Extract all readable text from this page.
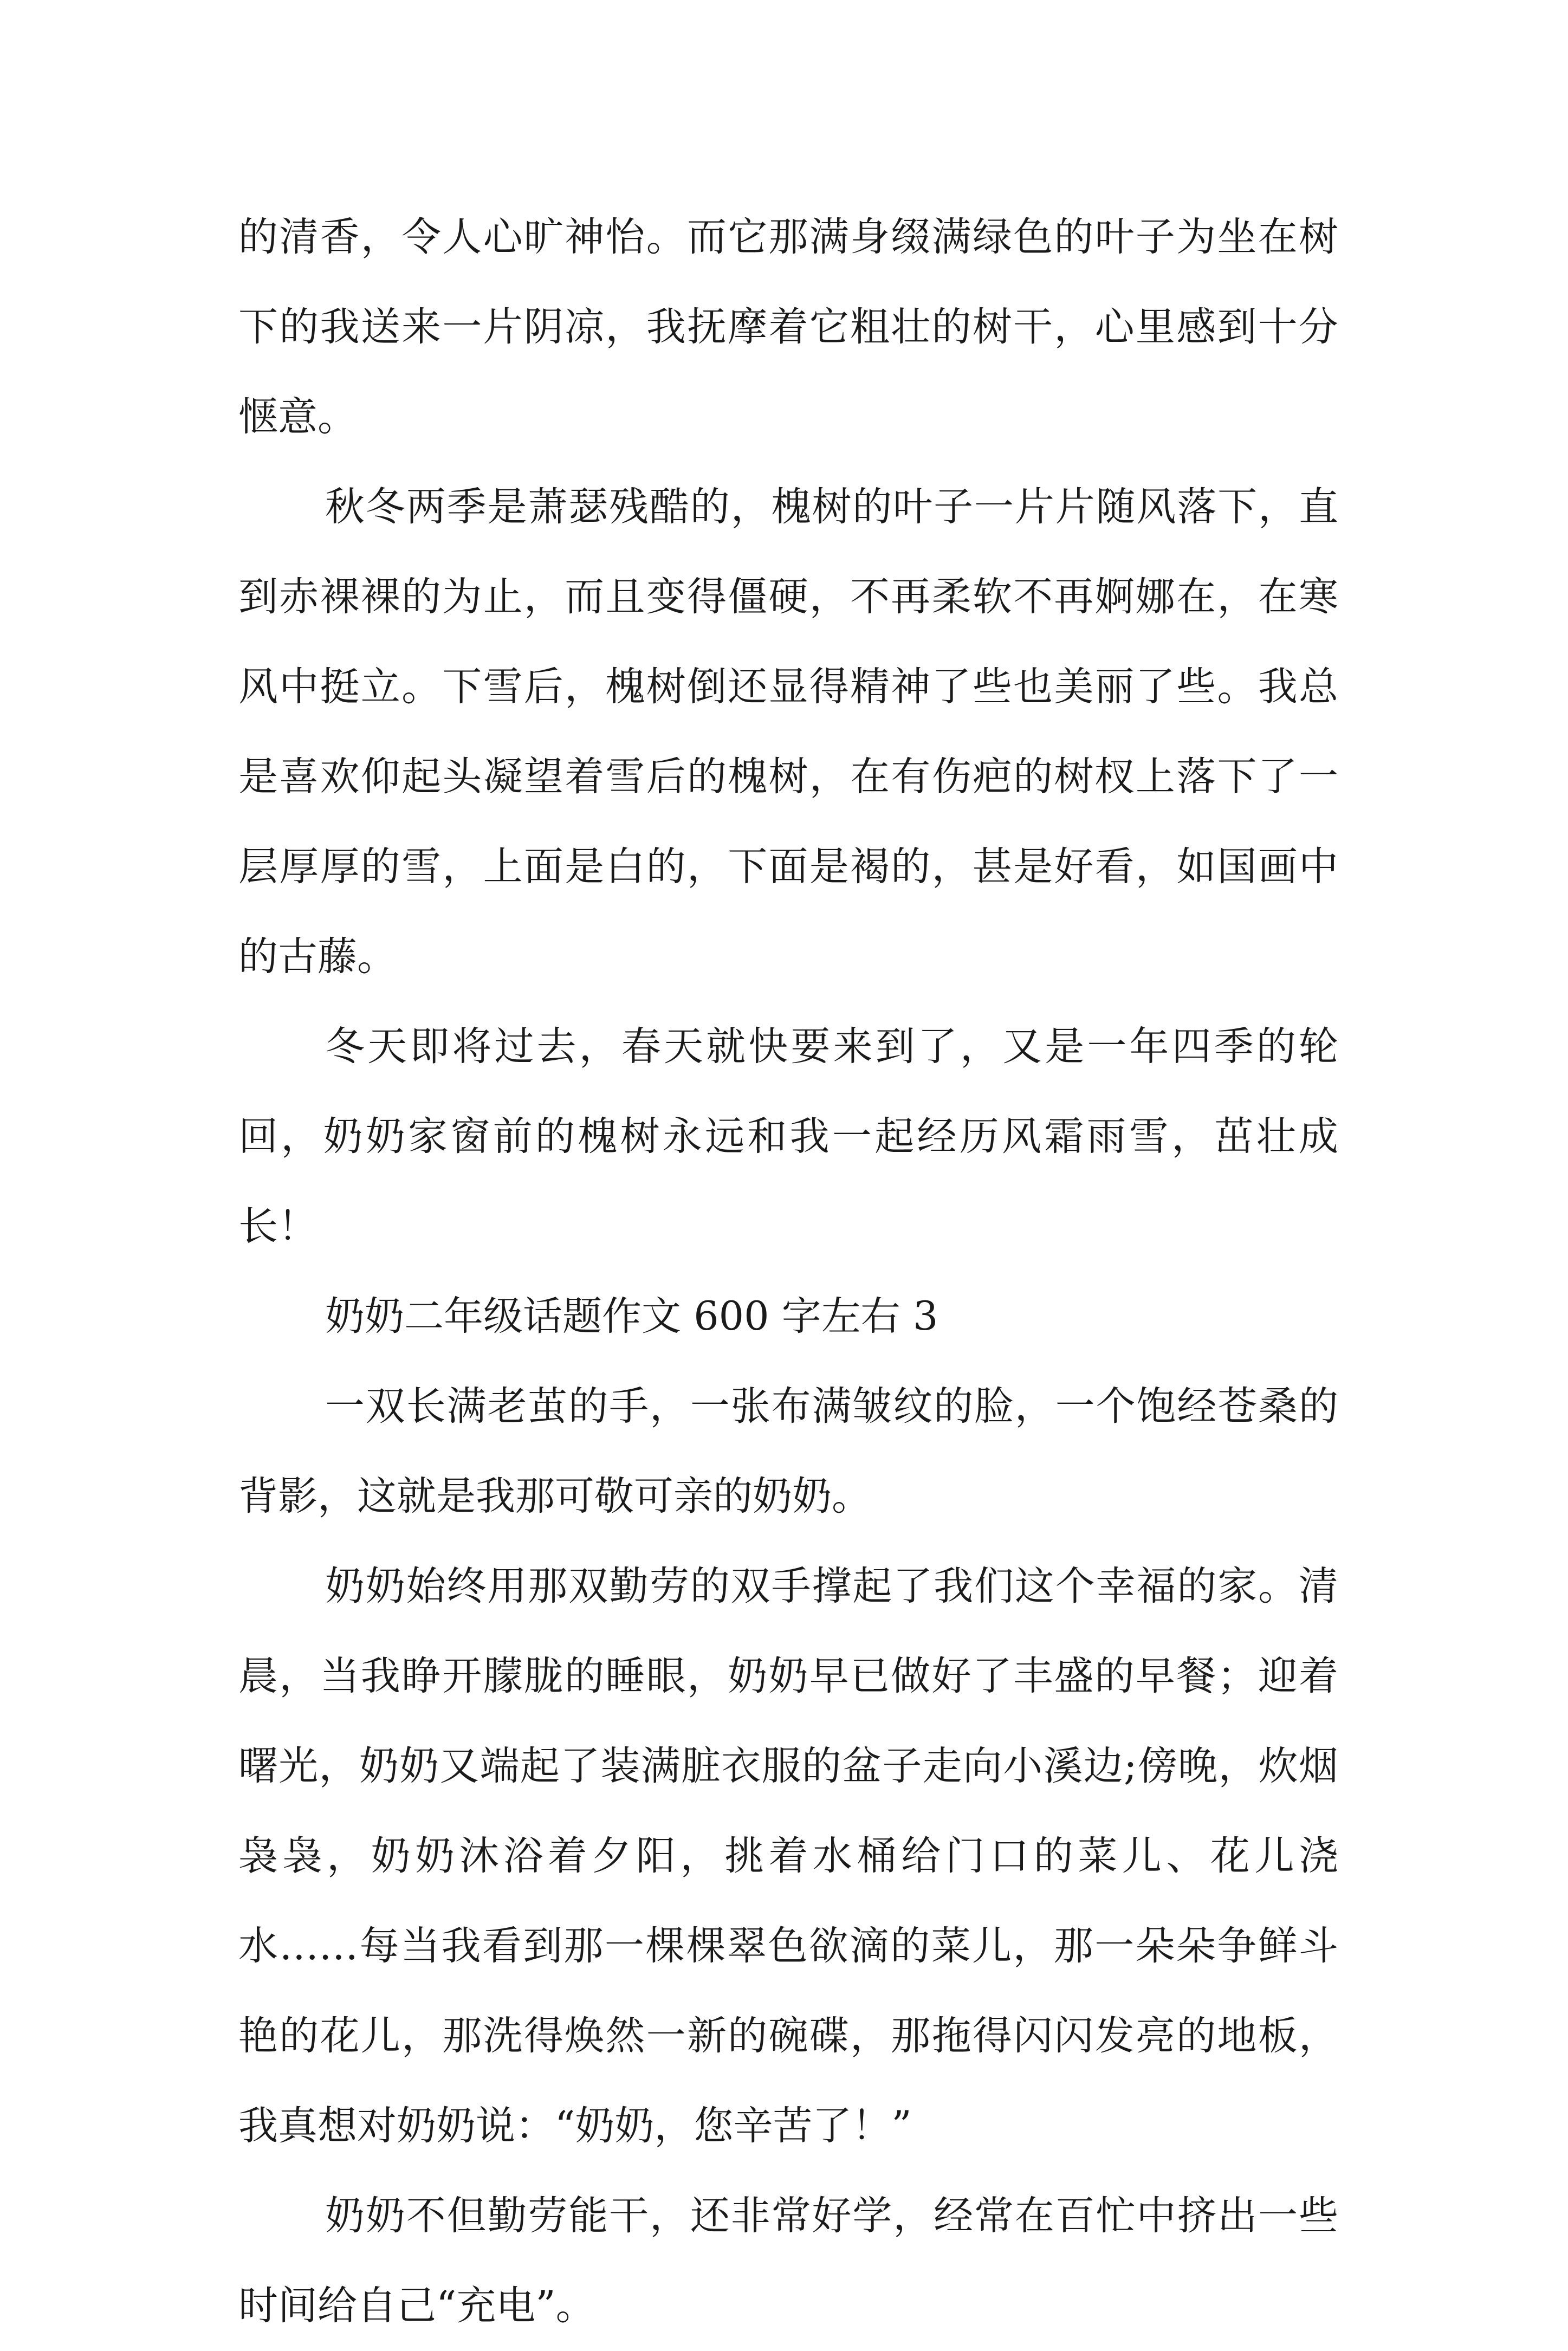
的清香，令人心旷神怡。而它那满身缀满绿色的叶子为坐在树下的我送来一片阴凉，我抚摩着它粗壮的树干，心里感到十分惬意。

秋冬两季是萧瑟残酷的，槐树的叶子一片片随风落下，直到赤裸裸的为止，而且变得僵硬，不再柔软不再婀娜在，在寒风中挺立。下雪后，槐树倒还显得精神了些也美丽了些。我总是喜欢仰起头凝望着雪后的槐树，在有伤疤的树杈上落下了一层厚厚的雪，上面是白的，下面是褐的，甚是好看，如国画中的古藤。

冬天即将过去，春天就快要来到了，又是一年四季的轮回，奶奶家窗前的槐树永远和我一起经历风霜雨雪，茁壮成长！

奶奶二年级话题作文 600 字左右 3

一双长满老茧的手，一张布满皱纹的脸，一个饱经苍桑的背影，这就是我那可敬可亲的奶奶。

奶奶始终用那双勤劳的双手撑起了我们这个幸福的家。清晨，当我睁开朦胧的睡眼，奶奶早已做好了丰盛的早餐；迎着曙光，奶奶又端起了装满脏衣服的盆子走向小溪边;傍晚，炊烟袅袅，奶奶沐浴着夕阳，挑着水桶给门口的菜儿、花儿浇水……每当我看到那一棵棵翠色欲滴的菜儿，那一朵朵争鲜斗艳的花儿，那洗得焕然一新的碗碟，那拖得闪闪发亮的地板，我真想对奶奶说：“奶奶，您辛苦了！”

奶奶不但勤劳能干，还非常好学，经常在百忙中挤出一些时间给自己“充电”。
